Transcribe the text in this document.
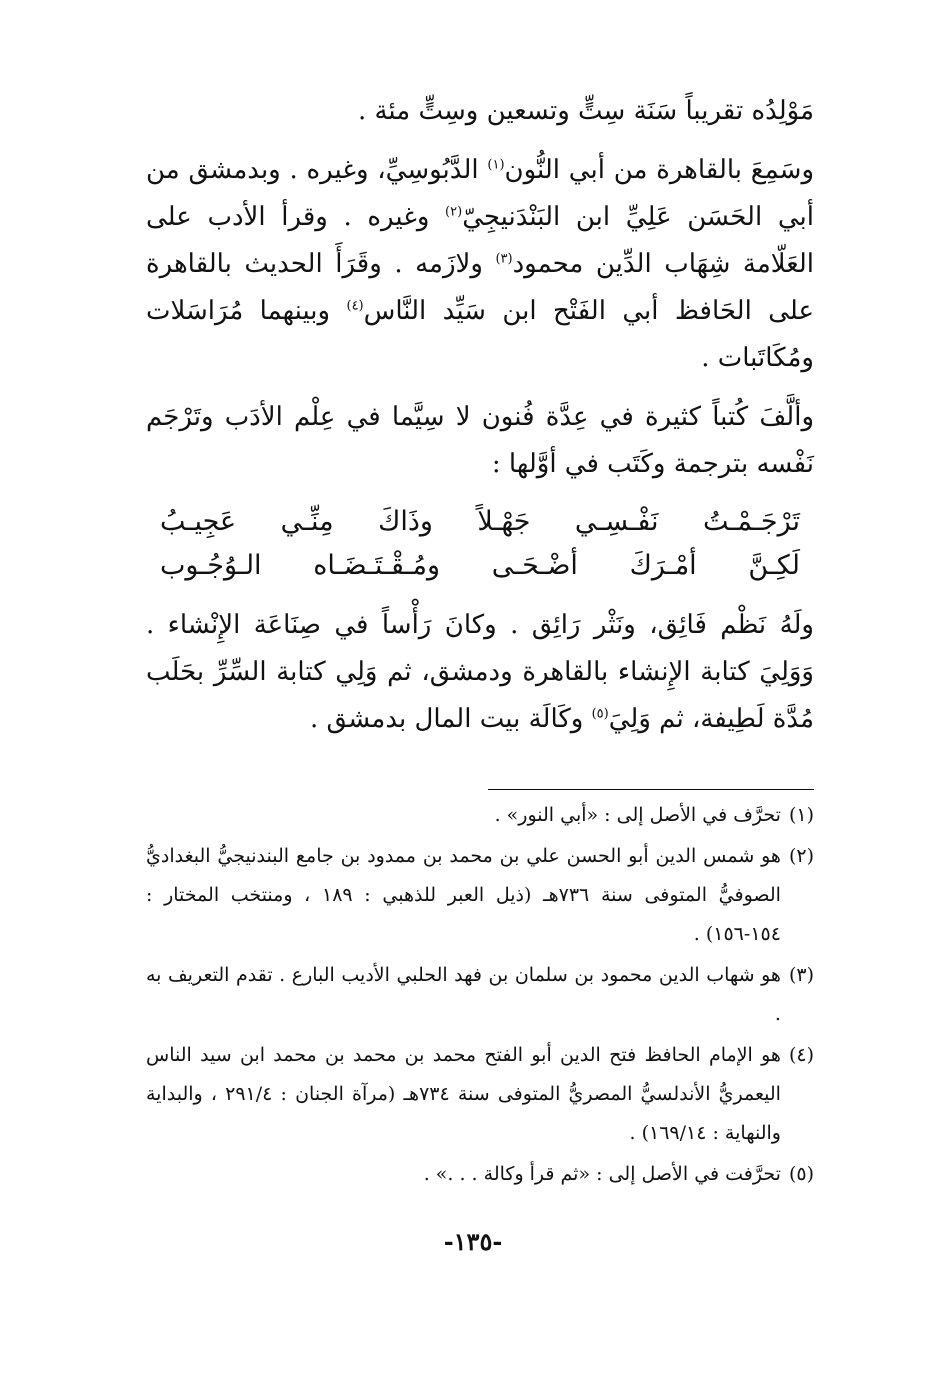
مَوْلِدُه تقريباً سَنَة سِتٍّ وتسعين وسِتٍّ مئة .

وسَمِعَ بالقاهرة من أبي النُّون$^{(١)}$ الدَّبُوسِيِّ، وغيره . وبدمشق من أبي الحَسَن عَلِيِّ ابن البَنْدَنيجِيّ$^{(٢)}$ وغيره . وقرأ الأدب على العَلّامة شِهَاب الدِّين محمود$^{(٣)}$ ولازَمه . وقَرَأَ الحديث بالقاهرة على الحَافظ أبي الفَتْح ابن سَيِّد النَّاس$^{(٤)}$ وبينهما مُرَاسَلات ومُكَاتَبات .

وألَّفَ كُتباً كثيرة في عِدَّة فُنون لا سِيَّما في عِلْم الأدَب وتَرْجَم نَفْسه بترجمة وكَتَب في أوَّلها :

تَرْجَـمْـتُ
نَفْـسِـي
جَهْـلاً
وذَاكَ
مِنِّـي
عَجِيـبُ
لَكِـنَّ
أمْـرَكَ
أضْـحَـى
ومُـقْـتَـضَـاه
الـوُجُـوب

ولَهُ نَظْم فَائِق، ونَثْر رَائِق . وكانَ رَأْساً في صِنَاعَة الإِنْشاء . وَوَلِيَ كتابة الإِنشاء بالقاهرة ودمشق، ثم وَلِي كتابة السِّرِّ بحَلَب مُدَّة لَطِيفة، ثم وَلِيَ$^{(٥)}$ وكَالَة بيت المال بدمشق .

(١)
تحرَّف في الأصل إلى : «أبي النور» .
(٢)
هو شمس الدين أبو الحسن علي بن محمد بن ممدود بن جامع البندنيجيُّ البغداديُّ الصوفيُّ المتوفى سنة ٧٣٦هـ (ذيل العبر للذهبي : ١٨٩ ، ومنتخب المختار : ١٥٤-١٥٦) .
(٣)
هو شهاب الدين محمود بن سلمان بن فهد الحلبي الأديب البارع . تقدم التعريف به .
(٤)
هو الإمام الحافظ فتح الدين أبو الفتح محمد بن محمد بن محمد ابن سيد الناس اليعمريُّ الأندلسيُّ المصريُّ المتوفى سنة ٧٣٤هـ (مرآة الجنان : ٢٩١/٤ ، والبداية والنهاية : ١٦٩/١٤) .
(٥)
تحرَّفت في الأصل إلى : «ثم قرأ وكالة . . .» .
-١٣٥-
